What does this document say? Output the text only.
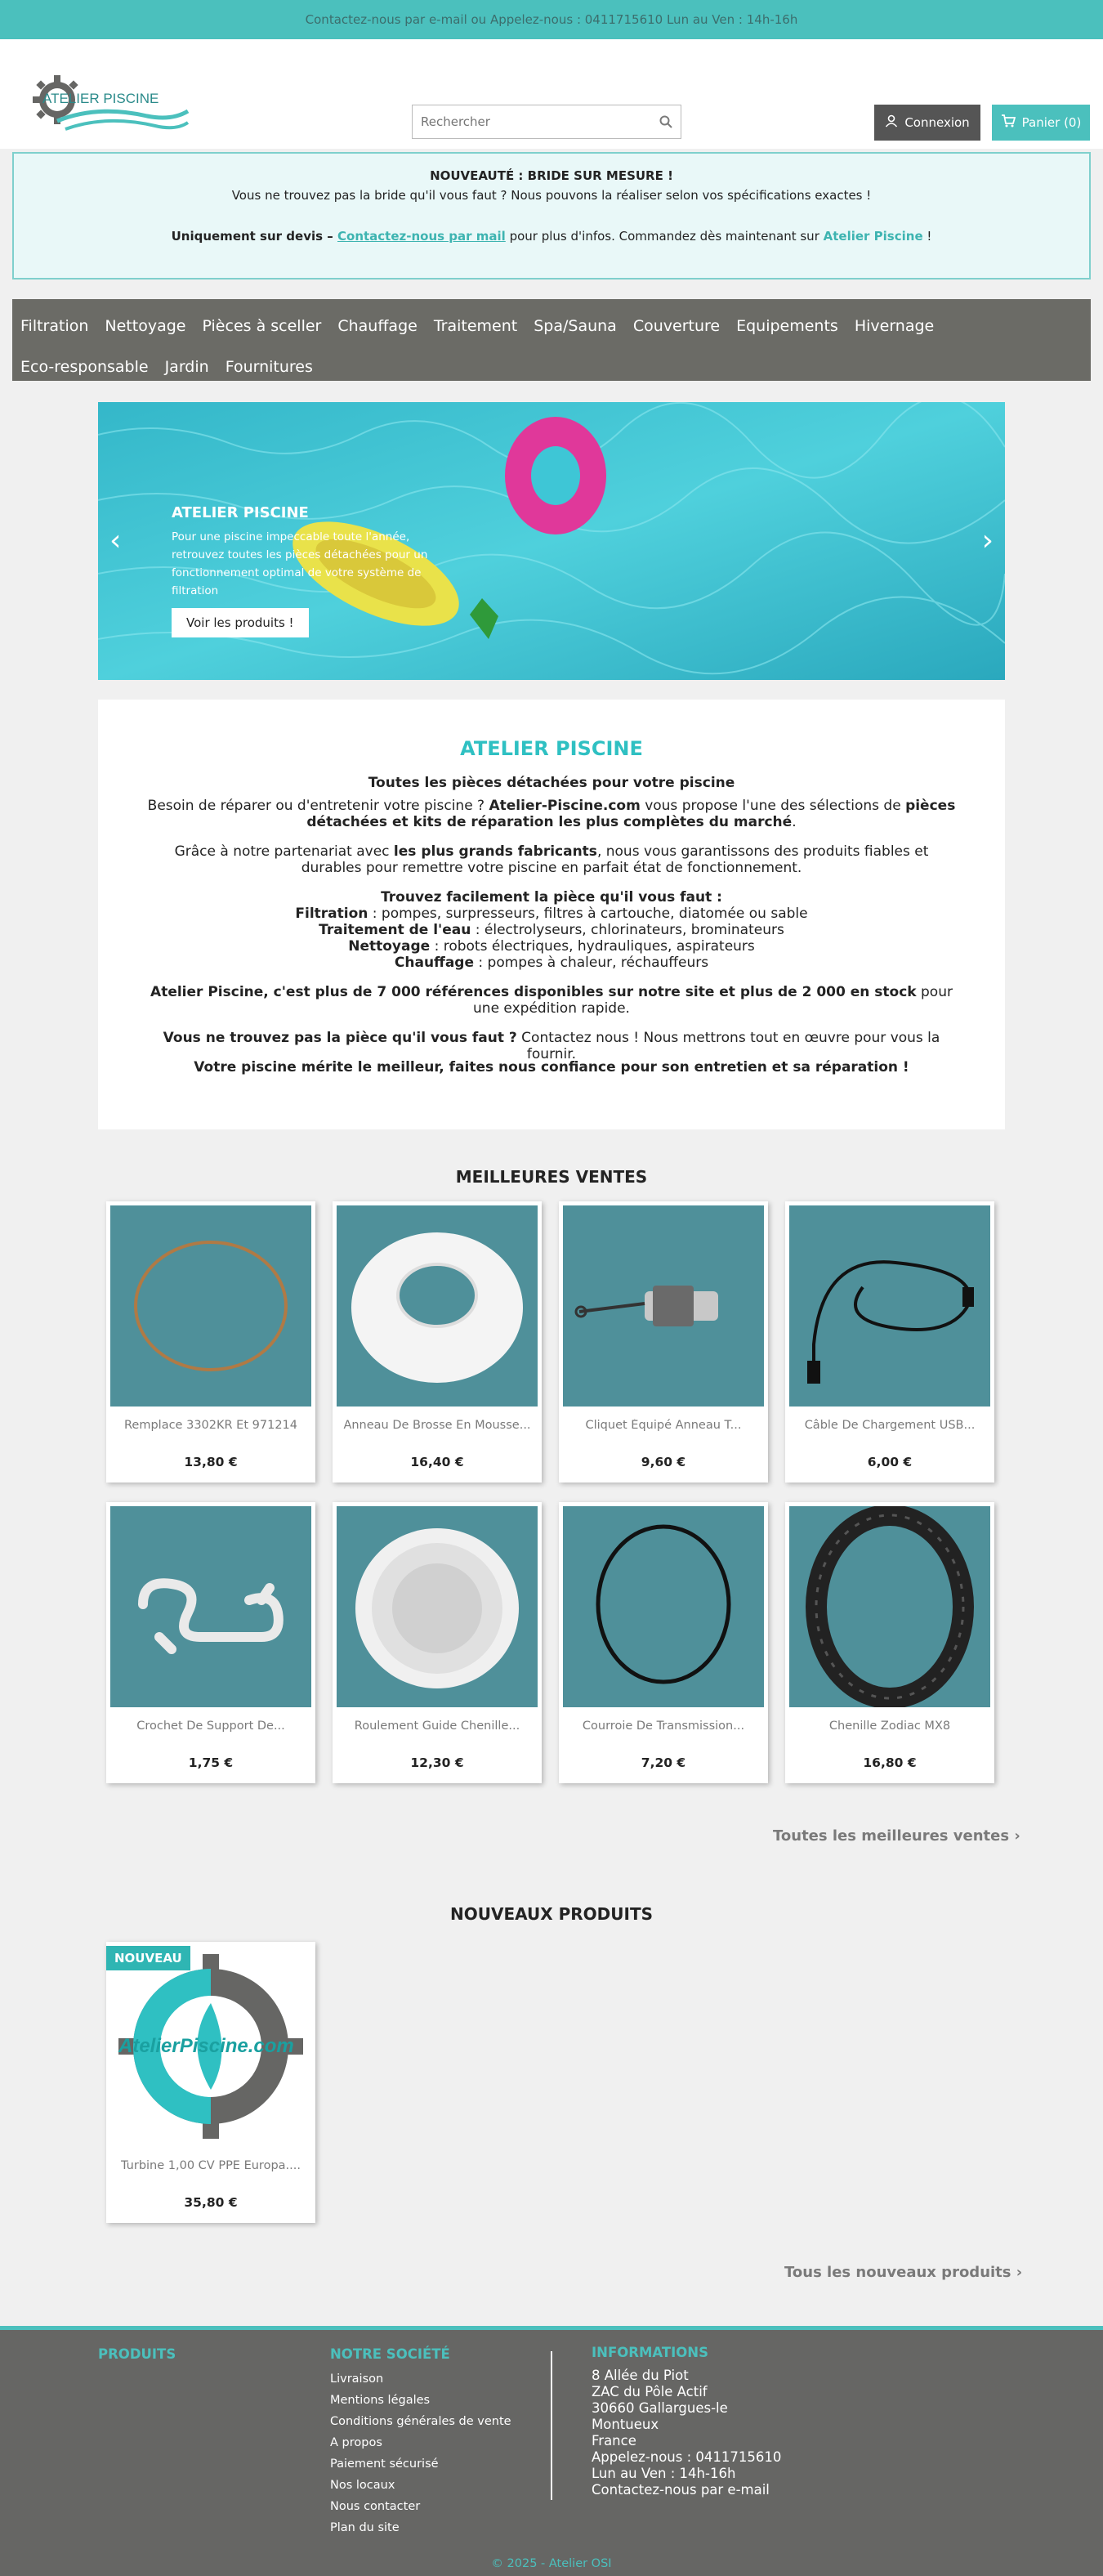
Contactez-nous par e-mail ou Appelez-nous : 0411715610 Lun au Ven : 14h-16h
ATELIER PISCINE
Rechercher
Connexion	Panier (0)
NOUVEAUTÉ : BRIDE SUR MESURE !
Vous ne trouvez pas la bride qu'il vous faut ? Nous pouvons la réaliser selon vos spécifications exactes !
Uniquement sur devis – Contactez-nous par mail pour plus d'infos. Commandez dès maintenant sur Atelier Piscine !
Filtration	Nettoyage	Pièces à sceller	Chauffage	Traitement	Spa/Sauna	Couverture	Equipements	Hivernage
Eco-responsable	Jardin	Fournitures
‹	›
ATELIER PISCINE
Pour une piscine impeccable toute l'année, retrouvez toutes les pièces détachées pour un fonctionnement optimal de votre système de filtration
Voir les produits !
ATELIER PISCINE

Toutes les pièces détachées pour votre piscine

Besoin de réparer ou d'entretenir votre piscine ? Atelier-Piscine.com vous propose l'une des sélections de pièces détachées et kits de réparation les plus complètes du marché.

Grâce à notre partenariat avec les plus grands fabricants, nous vous garantissons des produits fiables et durables pour remettre votre piscine en parfait état de fonctionnement.

Trouvez facilement la pièce qu'il vous faut :
Filtration : pompes, surpresseurs, filtres à cartouche, diatomée ou sable
Traitement de l'eau : électrolyseurs, chlorinateurs, brominateurs
Nettoyage : robots électriques, hydrauliques, aspirateurs
Chauffage : pompes à chaleur, réchauffeurs

Atelier Piscine, c'est plus de 7 000 références disponibles sur notre site et plus de 2 000 en stock pour une expédition rapide.

Vous ne trouvez pas la pièce qu'il vous faut ? Contactez nous ! Nous mettrons tout en œuvre pour vous la fournir.

Votre piscine mérite le meilleur, faites nous confiance pour son entretien et sa réparation !

MEILLEURES VENTES
Remplace 3302KR Et 971214
13,80 €
Anneau De Brosse En Mousse...
16,40 €
Cliquet Équipé Anneau T...
9,60 €
Câble De Chargement USB...
6,00 €
Crochet De Support De...
1,75 €
Roulement Guide Chenille...
12,30 €
Courroie De Transmission...
7,20 €
Chenille Zodiac MX8
16,80 €
Toutes les meilleures ventes ›
NOUVEAUX PRODUITS
AtelierPiscine.com
NOUVEAU
Turbine 1,00 CV PPE Europa....
35,80 €
Tous les nouveaux produits ›
PRODUITS	NOTRE SOCIÉTÉ
Livraison
Mentions légales
Conditions générales de vente
A propos
Paiement sécurisé
Nos locaux
Nous contacter
Plan du site
INFORMATIONS
8 Allée du Piot
ZAC du Pôle Actif
30660 Gallargues-le
Montueux
France
Appelez-nous : 0411715610
Lun au Ven : 14h-16h
Contactez-nous par e-mail
© 2025 - Atelier OSI
